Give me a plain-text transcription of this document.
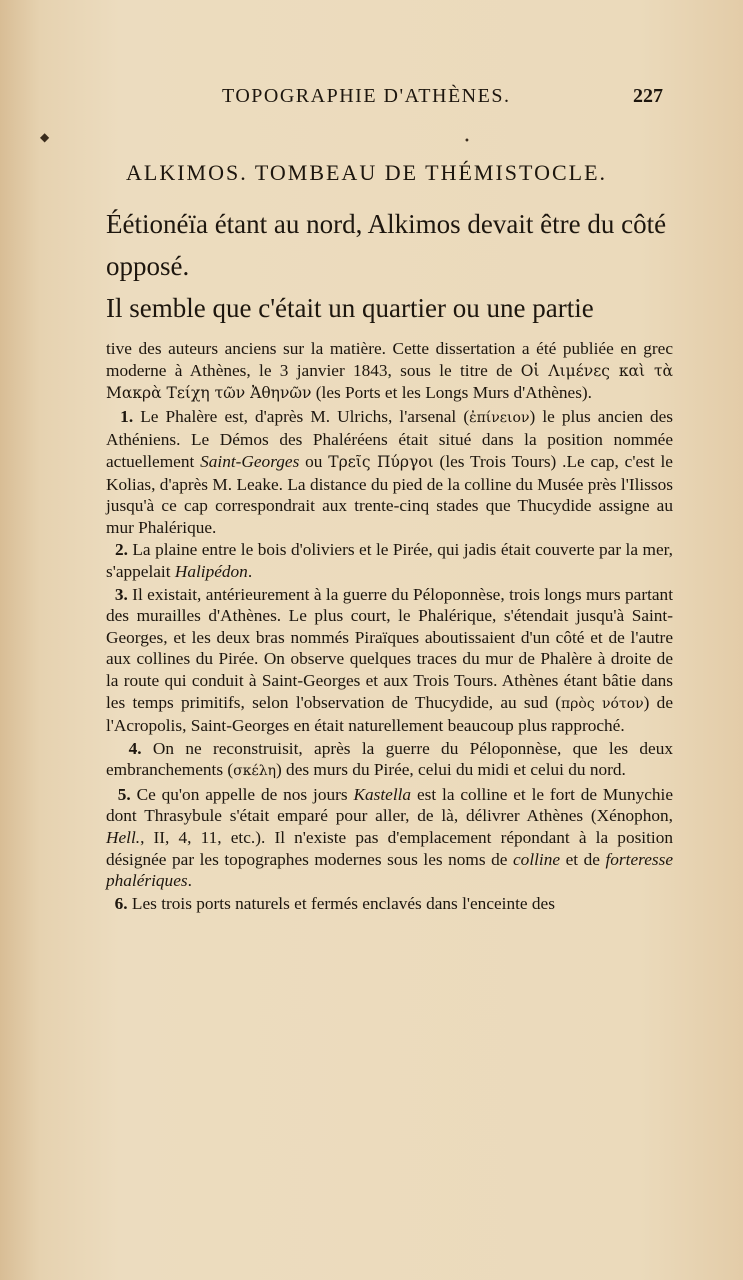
◆	•
TOPOGRAPHIE D'ATHÈNES.	227
ALKIMOS. TOMBEAU DE THÉMISTOCLE.

Éétionéïa étant au nord, Alkimos devait être du côté opposé.

Il semble que c'était un quartier ou une partie

tive des auteurs anciens sur la matière. Cette dissertation a été publiée en grec moderne à Athènes, le 3 janvier 1843, sous le titre de Οἱ Λιμένες καὶ τὰ Μακρὰ Τείχη τῶν Ἀθηνῶν (les Ports et les Longs Murs d'Athènes).

1. Le Phalère est, d'après M. Ulrichs, l'arsenal (ἐπίνειον) le plus ancien des Athéniens. Le Démos des Phaléréens était situé dans la position nommée actuellement Saint-Georges ou Τρεῖς Πύργοι (les Trois Tours) .Le cap, c'est le Kolias, d'après M. Leake. La distance du pied de la colline du Musée près l'Ilissos jusqu'à ce cap correspondrait aux trente-cinq stades que Thucydide assigne au mur Phalérique.

2. La plaine entre le bois d'oliviers et le Pirée, qui jadis était couverte par la mer, s'appelait Halipédon.

3. Il existait, antérieurement à la guerre du Péloponnèse, trois longs murs partant des murailles d'Athènes. Le plus court, le Phalérique, s'étendait jusqu'à Saint-Georges, et les deux bras nommés Piraïques aboutissaient d'un côté et de l'autre aux collines du Pirée. On observe quelques traces du mur de Phalère à droite de la route qui conduit à Saint-Georges et aux Trois Tours. Athènes étant bâtie dans les temps primitifs, selon l'observation de Thucydide, au sud (πρὸς νότον) de l'Acropolis, Saint-Georges en était naturellement beaucoup plus rapproché.

4. On ne reconstruisit, après la guerre du Péloponnèse, que les deux embranchements (σκέλη) des murs du Pirée, celui du midi et celui du nord.

5. Ce qu'on appelle de nos jours Kastella est la colline et le fort de Munychie dont Thrasybule s'était emparé pour aller, de là, délivrer Athènes (Xénophon, Hell., II, 4, 11, etc.). Il n'existe pas d'emplacement répondant à la position désignée par les topographes modernes sous les noms de colline et de forteresse phalériques.

6. Les trois ports naturels et fermés enclavés dans l'enceinte des
